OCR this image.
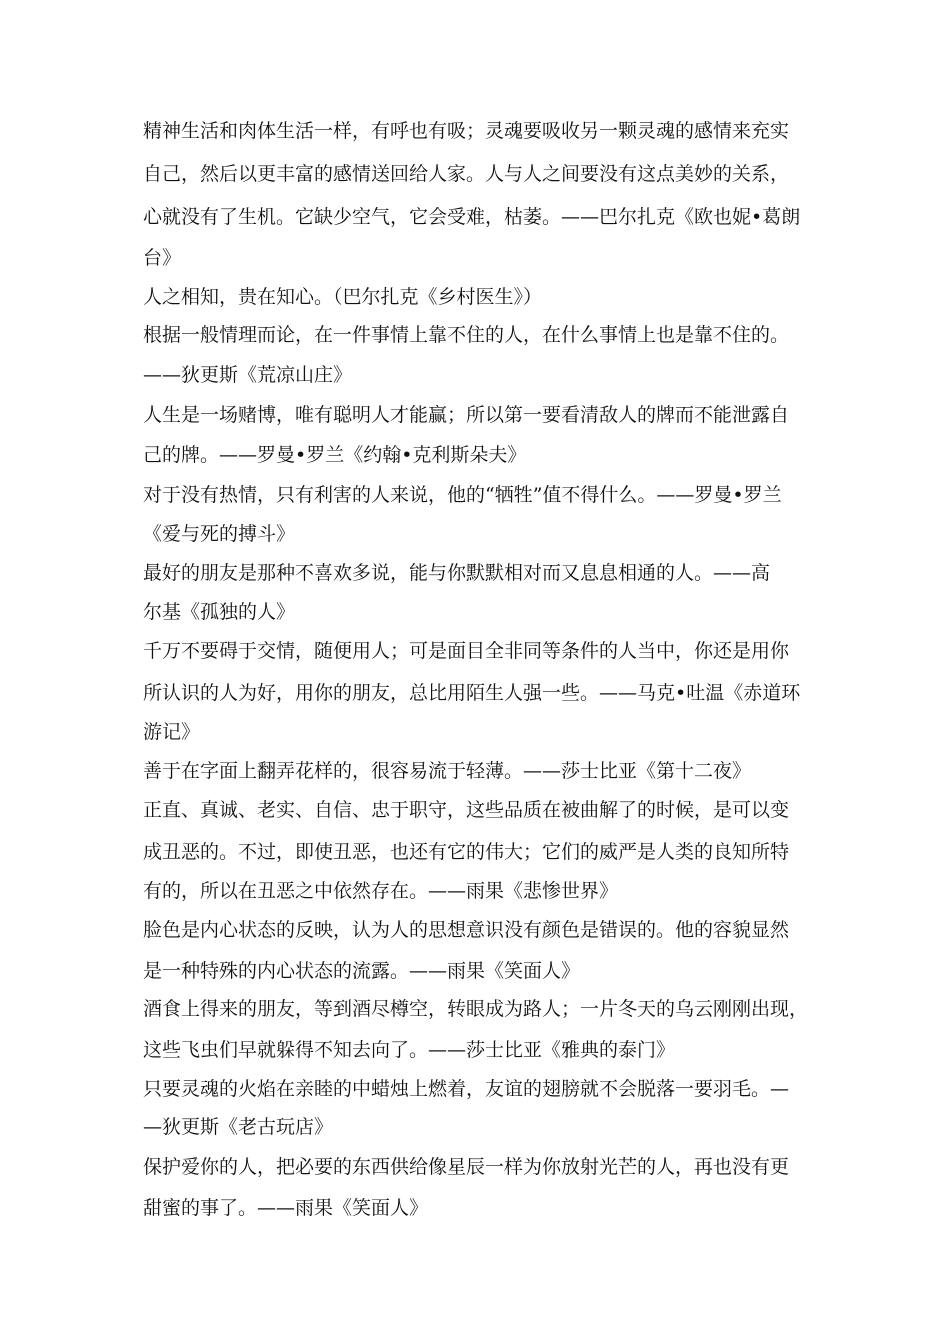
精神生活和肉体生活一样，有呼也有吸；灵魂要吸收另一颗灵魂的感情来充实
自己，然后以更丰富的感情送回给人家。人与人之间要没有这点美妙的关系，
心就没有了生机。它缺少空气，它会受难，枯萎。——巴尔扎克《欧也妮•葛朗
台》
人之相知，贵在知心。（巴尔扎克《乡村医生》）
根据一般情理而论，在一件事情上靠不住的人，在什么事情上也是靠不住的。
——狄更斯《荒凉山庄》
人生是一场赌博，唯有聪明人才能赢；所以第一要看清敌人的牌而不能泄露自
己的牌。——罗曼•罗兰《约翰•克利斯朵夫》
对于没有热情，只有利害的人来说，他的“牺牲”值不得什么。——罗曼•罗兰
《爱与死的搏斗》
最好的朋友是那种不喜欢多说，能与你默默相对而又息息相通的人。——高
尔基《孤独的人》
千万不要碍于交情，随便用人；可是面目全非同等条件的人当中，你还是用你
所认识的人为好，用你的朋友，总比用陌生人强一些。——马克•吐温《赤道环
游记》
善于在字面上翻弄花样的，很容易流于轻薄。——莎士比亚《第十二夜》
正直、真诚、老实、自信、忠于职守，这些品质在被曲解了的时候，是可以变
成丑恶的。不过，即使丑恶，也还有它的伟大；它们的威严是人类的良知所特
有的，所以在丑恶之中依然存在。——雨果《悲惨世界》
脸色是内心状态的反映，认为人的思想意识没有颜色是错误的。他的容貌显然
是一种特殊的内心状态的流露。——雨果《笑面人》
酒食上得来的朋友，等到酒尽樽空，转眼成为路人；一片冬天的乌云刚刚出现，
这些飞虫们早就躲得不知去向了。——莎士比亚《雅典的泰门》
只要灵魂的火焰在亲睦的中蜡烛上燃着，友谊的翅膀就不会脱落一要羽毛。—
—狄更斯《老古玩店》
保护爱你的人，把必要的东西供给像星辰一样为你放射光芒的人，再也没有更
甜蜜的事了。——雨果《笑面人》
